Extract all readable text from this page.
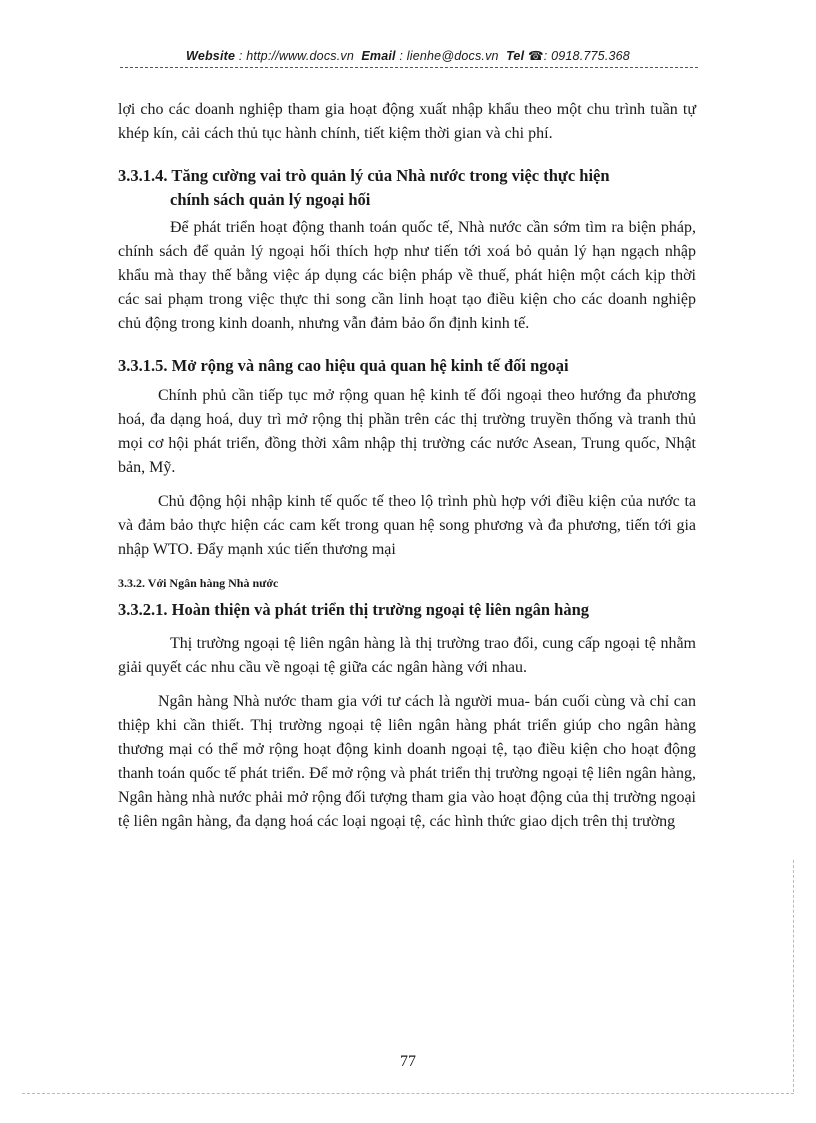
Website : http://www.docs.vn Email : lienhe@docs.vn Tel ☎: 0918.775.368

lợi cho các doanh nghiệp tham gia hoạt động xuất nhập khẩu theo một chu trình tuần tự khép kín, cải cách thủ tục hành chính, tiết kiệm thời gian và chi phí.

3.3.1.4. Tăng cường vai trò quản lý của Nhà nước trong việc thực hiện

chính sách quản lý ngoại hối

Để phát triển hoạt động thanh toán quốc tế, Nhà nước cần sớm tìm ra biện pháp, chính sách để quản lý ngoại hối thích hợp như tiến tới xoá bỏ quản lý hạn ngạch nhập khẩu mà thay thế bằng việc áp dụng các biện pháp về thuế, phát hiện một cách kịp thời các sai phạm trong việc thực thi song cần linh hoạt tạo điều kiện cho các doanh nghiệp chủ động trong kinh doanh, nhưng vẫn đảm bảo ổn định kinh tế.

3.3.1.5. Mở rộng và nâng cao hiệu quả quan hệ kinh tế đối ngoại

Chính phủ cần tiếp tục mở rộng quan hệ kinh tế đối ngoại theo hướng đa phương hoá, đa dạng hoá, duy trì mở rộng thị phần trên các thị trường truyền thống và tranh thủ mọi cơ hội phát triển, đồng thời xâm nhập thị trường các nước Asean, Trung quốc, Nhật bản, Mỹ.

Chủ động hội nhập kinh tế quốc tế theo lộ trình phù hợp với điều kiện của nước ta và đảm bảo thực hiện các cam kết trong quan hệ song phương và đa phương, tiến tới gia nhập WTO. Đẩy mạnh xúc tiến thương mại

3.3.2. Với Ngân hàng Nhà nước

3.3.2.1. Hoàn thiện và phát triển thị trường ngoại tệ liên ngân hàng

Thị trường ngoại tệ liên ngân hàng là thị trường trao đổi, cung cấp ngoại tệ nhằm giải quyết các nhu cầu về ngoại tệ giữa các ngân hàng với nhau.

Ngân hàng Nhà nước tham gia với tư cách là người mua- bán cuối cùng và chỉ can thiệp khi cần thiết. Thị trường ngoại tệ liên ngân hàng phát triển giúp cho ngân hàng thương mại có thể mở rộng hoạt động kinh doanh ngoại tệ, tạo điều kiện cho hoạt động thanh toán quốc tế phát triển. Để mở rộng và phát triển thị trường ngoại tệ liên ngân hàng, Ngân hàng nhà nước phải mở rộng đối tượng tham gia vào hoạt động của thị trường ngoại tệ liên ngân hàng, đa dạng hoá các loại ngoại tệ, các hình thức giao dịch trên thị trường

77
